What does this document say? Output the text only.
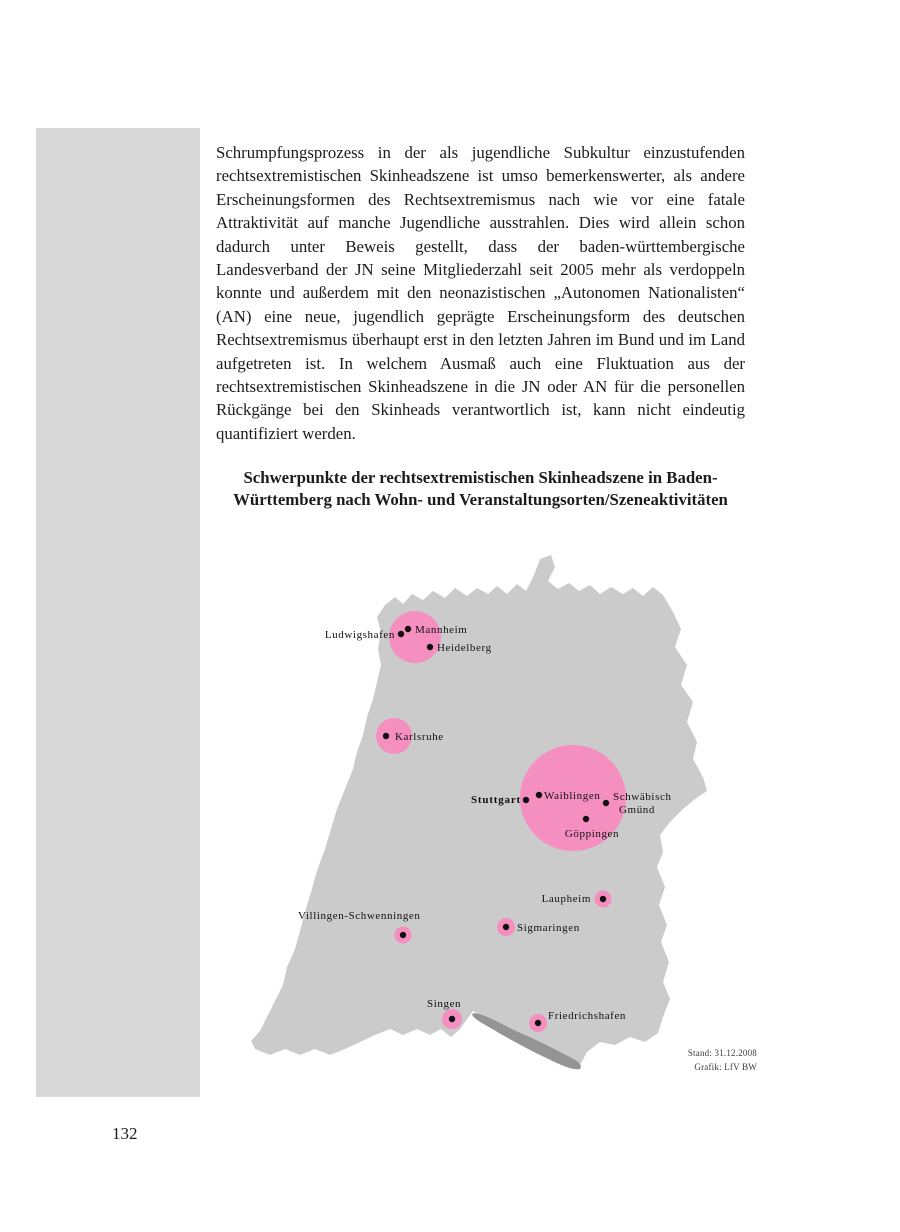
Schrumpfungsprozess in der als jugendliche Subkultur einzustufenden rechtsextremistischen Skinheadszene ist umso bemerkenswerter, als andere Erscheinungsformen des Rechtsextremismus nach wie vor eine fatale Attraktivität auf manche Jugendliche ausstrahlen. Dies wird allein schon dadurch unter Beweis gestellt, dass der baden-württembergische Landesverband der JN seine Mitgliederzahl seit 2005 mehr als verdoppeln konnte und außerdem mit den neonazistischen „Autonomen Nationalisten“ (AN) eine neue, jugendlich geprägte Erscheinungsform des deutschen Rechtsextremismus überhaupt erst in den letzten Jahren im Bund und im Land aufgetreten ist. In welchem Ausmaß auch eine Fluktuation aus der rechtsextremistischen Skinheadszene in die JN oder AN für die personellen Rückgänge bei den Skinheads verantwortlich ist, kann nicht eindeutig quantifiziert werden.

Schwerpunkte der rechtsextremistischen Skinheadszene in Baden-
Württemberg nach Wohn- und Veranstaltungsorten/Szeneaktivitäten
Ludwigshafen Mannheim
Heidelberg
Karlsruhe
Stuttgart Waiblingen Schwäbisch
Gmünd
Göppingen
Laupheim
Villingen-Schwenningen
Sigmaringen
Singen
Friedrichshafen
Stand: 31.12.2008
Grafik: LfV BW
132
